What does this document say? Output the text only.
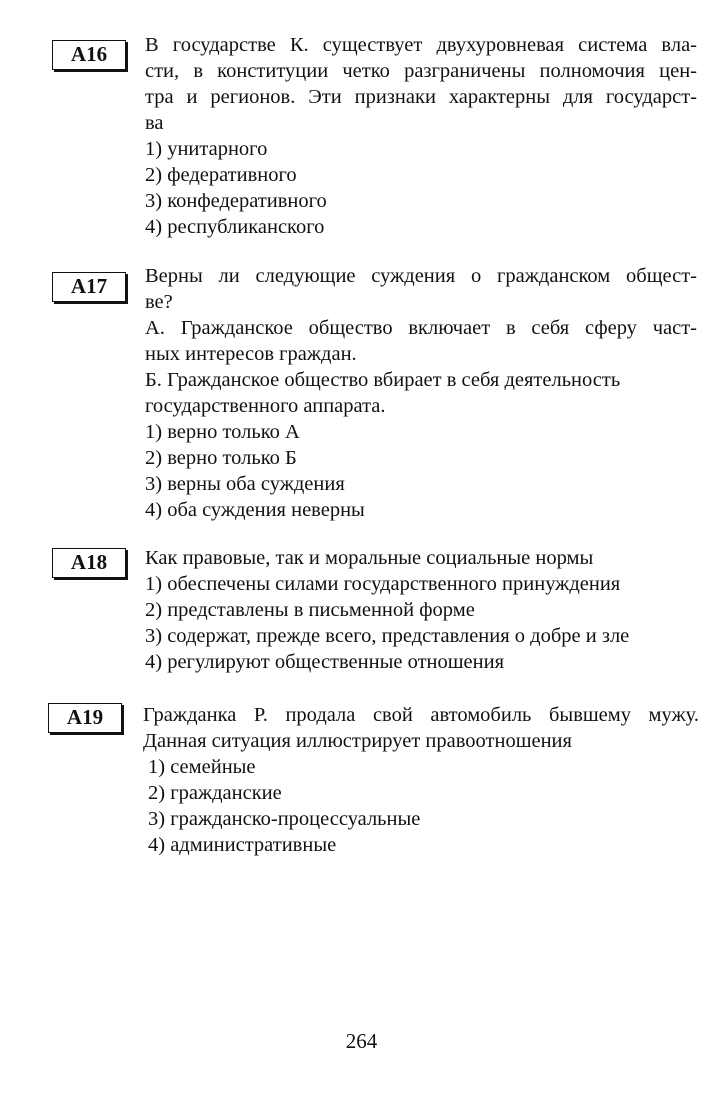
A16	В государстве К. существует двухуровневая система вла-
сти, в конституции четко разграничены полномочия цен-
тра и регионов. Эти признаки характерны для государст-
ва
1) унитарного
2) федеративного
3) конфедеративного
4) республиканского
A17	Верны ли следующие суждения о гражданском общест-
ве?
А. Гражданское общество включает в себя сферу част-
ных интересов граждан.
Б. Гражданское общество вбирает в себя деятельность
государственного аппарата.
1) верно только А
2) верно только Б
3) верны оба суждения
4) оба суждения неверны
A18	Как правовые, так и моральные социальные нормы
1) обеспечены силами государственного принуждения
2) представлены в письменной форме
3) содержат, прежде всего, представления о добре и зле
4) регулируют общественные отношения
A19	Гражданка Р. продала свой автомобиль бывшему мужу.
Данная ситуация иллюстрирует правоотношения
1) семейные
2) гражданские
3) гражданско-процессуальные
4) административные
264
